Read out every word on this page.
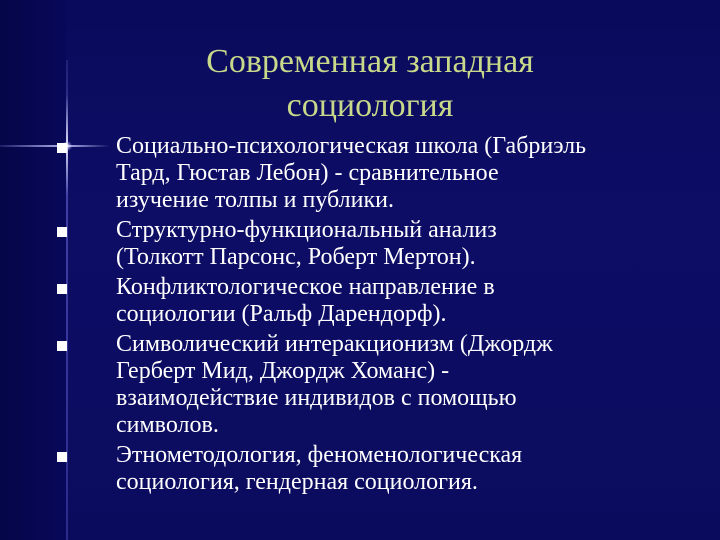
Современная западная
социология
Социально-психологическая школа (Габриэль
Тард, Гюстав Лебон) - сравнительное
изучение толпы и публики.
Структурно-функциональный анализ
(Толкотт Парсонс, Роберт Мертон).
Конфликтологическое направление в
социологии (Ральф Дарендорф).
Символический интеракционизм (Джордж
Герберт Мид, Джордж Хоманс) -
взаимодействие индивидов с помощью
символов.
Этнометодология, феноменологическая
социология, гендерная социология.
